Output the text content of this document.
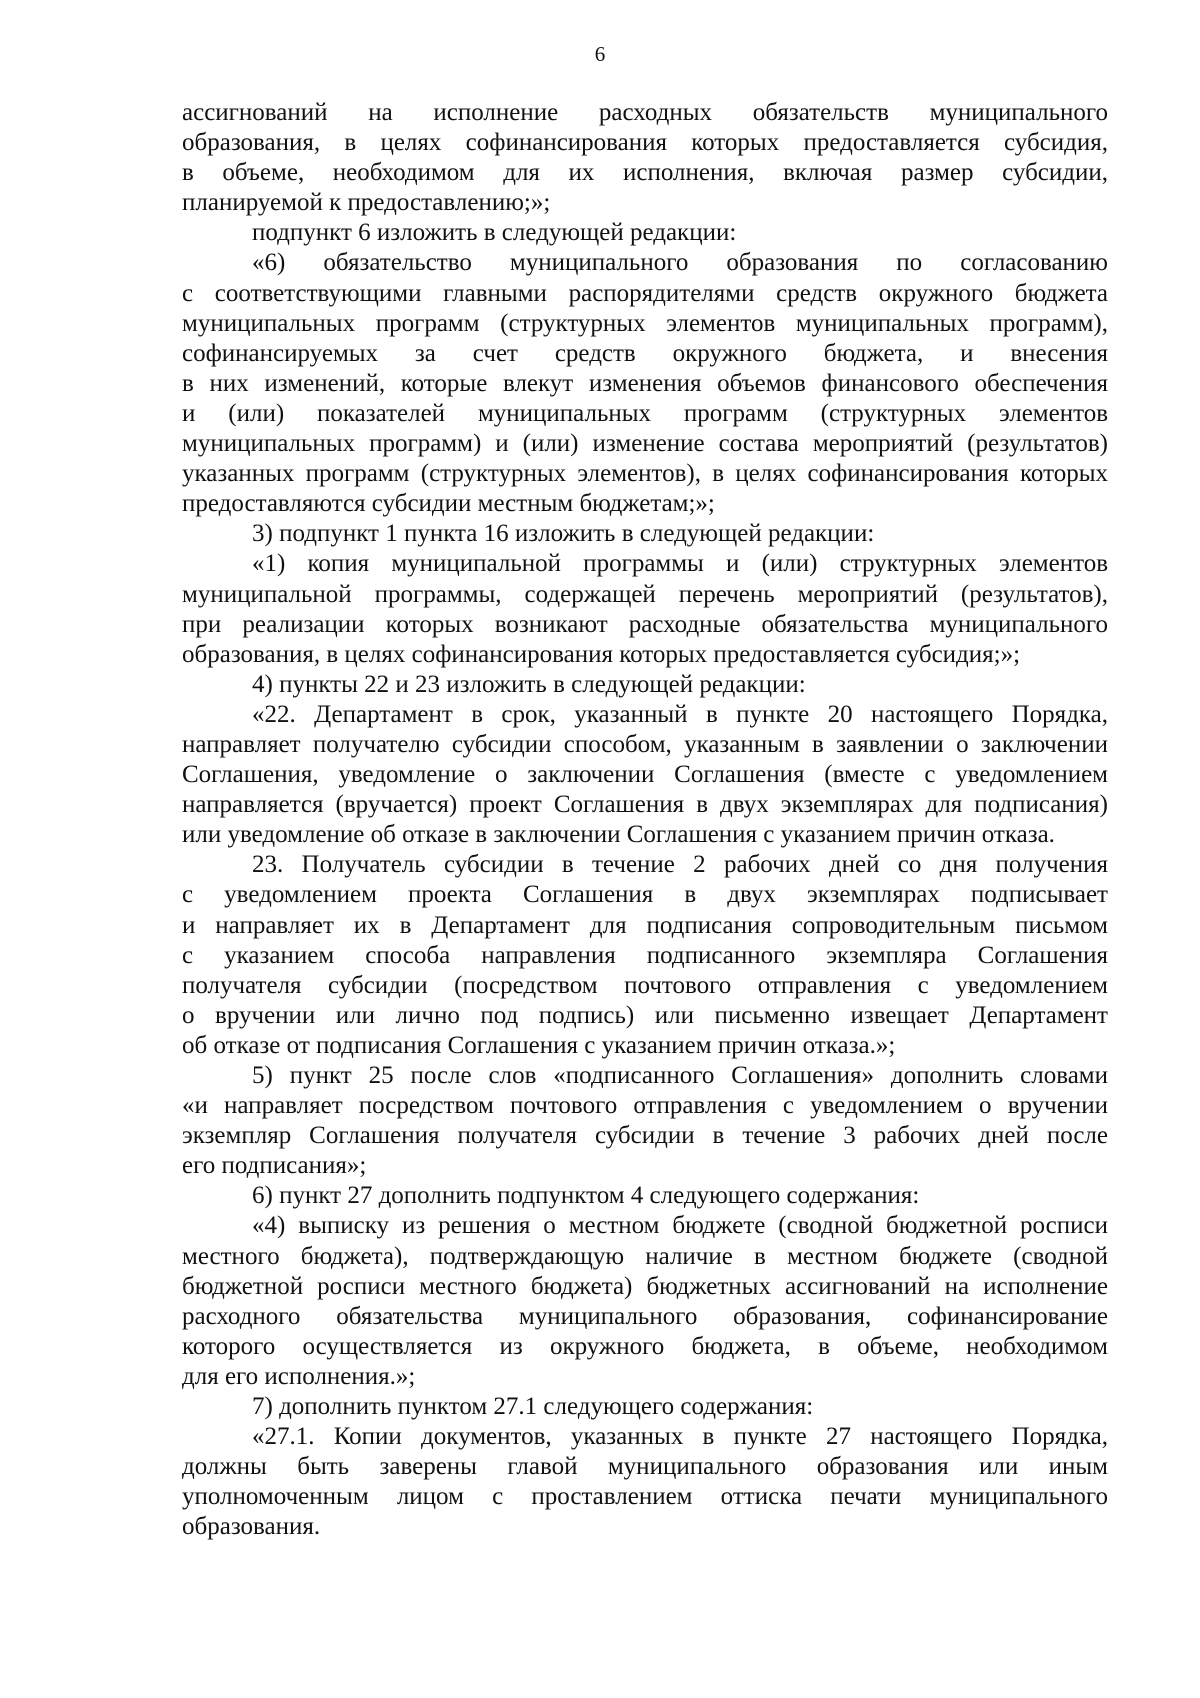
6
ассигнований на исполнение расходных обязательств муниципального
образования, в целях софинансирования которых предоставляется субсидия,
в объеме, необходимом для их исполнения, включая размер субсидии,
планируемой к предоставлению;»;
подпункт 6 изложить в следующей редакции:
«6) обязательство муниципального образования по согласованию
с соответствующими главными распорядителями средств окружного бюджета
муниципальных программ (структурных элементов муниципальных программ),
софинансируемых за счет средств окружного бюджета, и внесения
в них изменений, которые влекут изменения объемов финансового обеспечения
и (или) показателей муниципальных программ (структурных элементов
муниципальных программ) и (или) изменение состава мероприятий (результатов)
указанных программ (структурных элементов), в целях софинансирования которых
предоставляются субсидии местным бюджетам;»;
3) подпункт 1 пункта 16 изложить в следующей редакции:
«1) копия муниципальной программы и (или) структурных элементов
муниципальной программы, содержащей перечень мероприятий (результатов),
при реализации которых возникают расходные обязательства муниципального
образования, в целях софинансирования которых предоставляется субсидия;»;
4) пункты 22 и 23 изложить в следующей редакции:
«22. Департамент в срок, указанный в пункте 20 настоящего Порядка,
направляет получателю субсидии способом, указанным в заявлении о заключении
Соглашения, уведомление о заключении Соглашения (вместе с уведомлением
направляется (вручается) проект Соглашения в двух экземплярах для подписания)
или уведомление об отказе в заключении Соглашения с указанием причин отказа.
23. Получатель субсидии в течение 2 рабочих дней со дня получения
с уведомлением проекта Соглашения в двух экземплярах подписывает
и направляет их в Департамент для подписания сопроводительным письмом
с указанием способа направления подписанного экземпляра Соглашения
получателя субсидии (посредством почтового отправления с уведомлением
о вручении или лично под подпись) или письменно извещает Департамент
об отказе от подписания Соглашения с указанием причин отказа.»;
5) пункт 25 после слов «подписанного Соглашения» дополнить словами
«и направляет посредством почтового отправления с уведомлением о вручении
экземпляр Соглашения получателя субсидии в течение 3 рабочих дней после
его подписания»;
6) пункт 27 дополнить подпунктом 4 следующего содержания:
«4) выписку из решения о местном бюджете (сводной бюджетной росписи
местного бюджета), подтверждающую наличие в местном бюджете (сводной
бюджетной росписи местного бюджета) бюджетных ассигнований на исполнение
расходного обязательства муниципального образования, софинансирование
которого осуществляется из окружного бюджета, в объеме, необходимом
для его исполнения.»;
7) дополнить пунктом 27.1 следующего содержания:
«27.1. Копии документов, указанных в пункте 27 настоящего Порядка,
должны быть заверены главой муниципального образования или иным
уполномоченным лицом с проставлением оттиска печати муниципального
образования.
